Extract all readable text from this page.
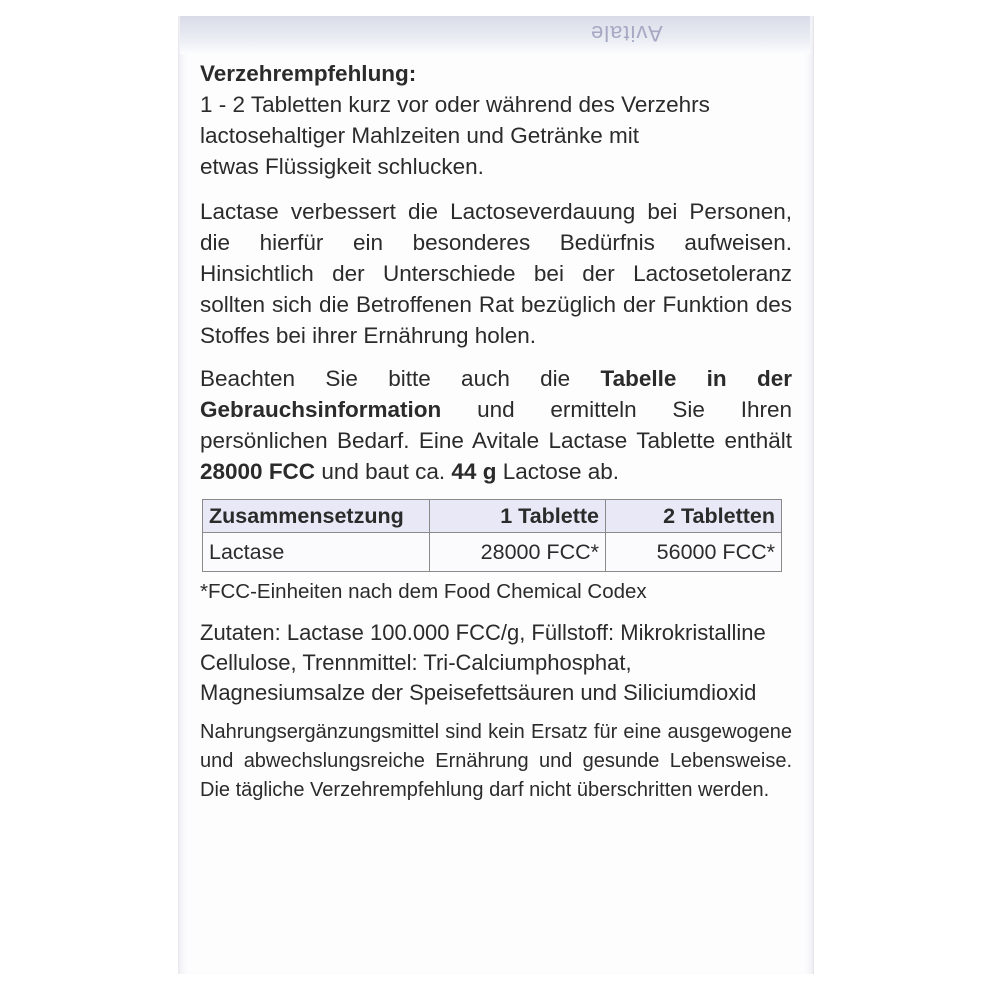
Avitale

Verzehrempfehlung:

1 - 2 Tabletten kurz vor oder während des Verzehrs

lactosehaltiger Mahlzeiten und Getränke mit

etwas Flüssigkeit schlucken.

Lactase verbessert die Lactoseverdauung bei Personen, die hierfür ein besonderes Bedürfnis aufweisen. Hinsichtlich der Unterschiede bei der Lactosetoleranz sollten sich die Betroffenen Rat bezüglich der Funktion des Stoffes bei ihrer Ernährung holen.

Beachten Sie bitte auch die Tabelle in der Gebrauchsinformation und ermitteln Sie Ihren persönlichen Bedarf. Eine Avitale Lactase Tablette enthält 28000 FCC und baut ca. 44 g Lactose ab.

Zusammensetzung	1 Tablette	2 Tabletten
Lactase	28000 FCC*	56000 FCC*

*FCC-Einheiten nach dem Food Chemical Codex

Zutaten: Lactase 100.000 FCC/g, Füllstoff: Mikrokristalline Cellulose, Trennmittel: Tri-Calciumphosphat, Magnesiumsalze der Speisefettsäuren und Siliciumdioxid

Nahrungsergänzungsmittel sind kein Ersatz für eine ausgewogene und abwechslungsreiche Ernährung und gesunde Lebensweise. Die tägliche Verzehrempfehlung darf nicht überschritten werden.
